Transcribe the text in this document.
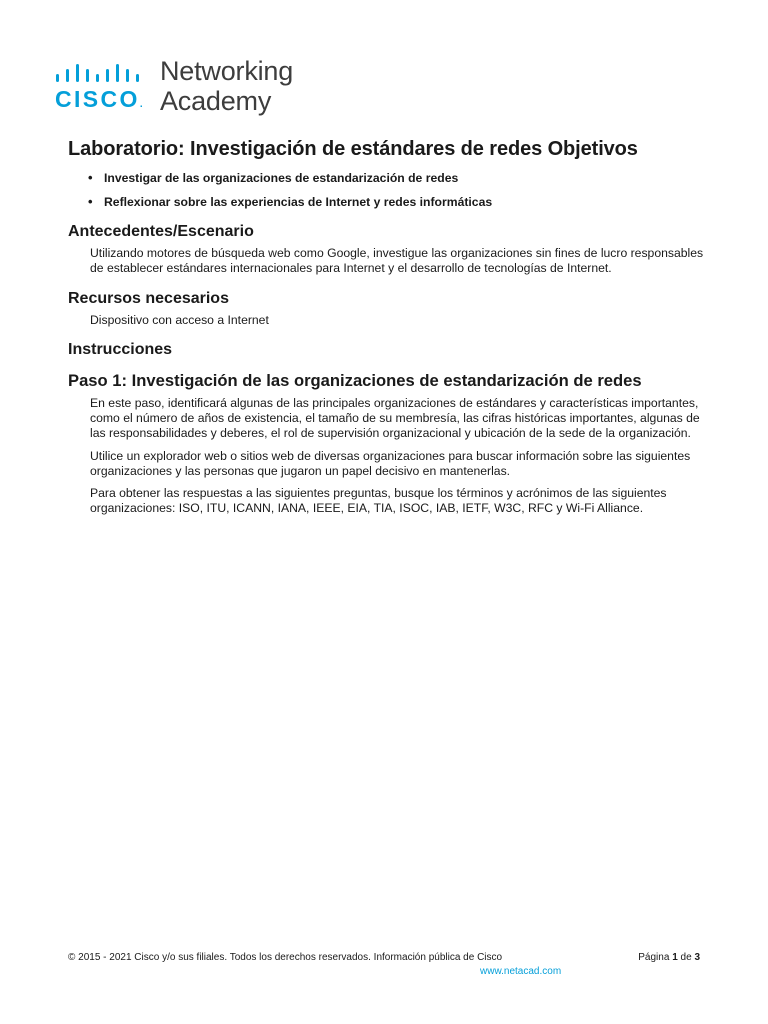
CISCO.
Networking
Academy
Laboratorio: Investigación de estándares de redes Objetivos
• Investigar de las organizaciones de estandarización de redes
• Reflexionar sobre las experiencias de Internet y redes informáticas
Antecedentes/Escenario

Utilizando motores de búsqueda web como Google, investigue las organizaciones sin fines de lucro responsables de establecer estándares internacionales para Internet y el desarrollo de tecnologías de Internet.

Recursos necesarios

Dispositivo con acceso a Internet

Instrucciones
Paso 1: Investigación de las organizaciones de estandarización de redes

En este paso, identificará algunas de las principales organizaciones de estándares y características importantes, como el número de años de existencia, el tamaño de su membresía, las cifras históricas importantes, algunas de las responsabilidades y deberes, el rol de supervisión organizacional y ubicación de la sede de la organización.

Utilice un explorador web o sitios web de diversas organizaciones para buscar información sobre las siguientes organizaciones y las personas que jugaron un papel decisivo en mantenerlas.

Para obtener las respuestas a las siguientes preguntas, busque los términos y acrónimos de las siguientes organizaciones: ISO, ITU, ICANN, IANA, IEEE, EIA, TIA, ISOC, IAB, IETF, W3C, RFC y Wi-Fi Alliance.

© 2015 - 2021 Cisco y/o sus filiales. Todos los derechos reservados. Información pública de Cisco	Página 1 de 3
www.netacad.com
